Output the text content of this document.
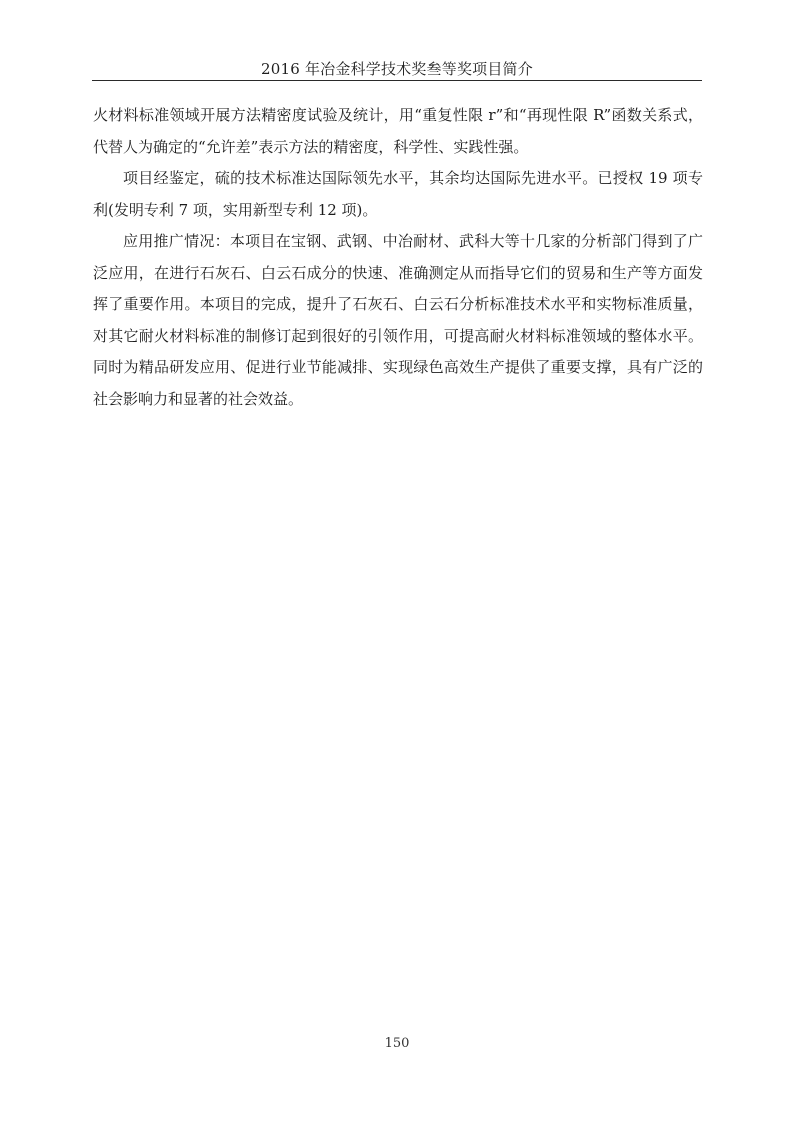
2016 年冶金科学技术奖叁等奖项目简介

火材料标准领域开展方法精密度试验及统计，用“重复性限 r”和“再现性限 R”函数关系式，代替人为确定的“允许差”表示方法的精密度，科学性、实践性强。

项目经鉴定，硫的技术标准达国际领先水平，其余均达国际先进水平。已授权 19 项专利(发明专利 7 项，实用新型专利 12 项)。

应用推广情况：本项目在宝钢、武钢、中冶耐材、武科大等十几家的分析部门得到了广泛应用，在进行石灰石、白云石成分的快速、准确测定从而指导它们的贸易和生产等方面发挥了重要作用。本项目的完成，提升了石灰石、白云石分析标准技术水平和实物标准质量，对其它耐火材料标准的制修订起到很好的引领作用，可提高耐火材料标准领域的整体水平。同时为精品研发应用、促进行业节能减排、实现绿色高效生产提供了重要支撑，具有广泛的社会影响力和显著的社会效益。

150
